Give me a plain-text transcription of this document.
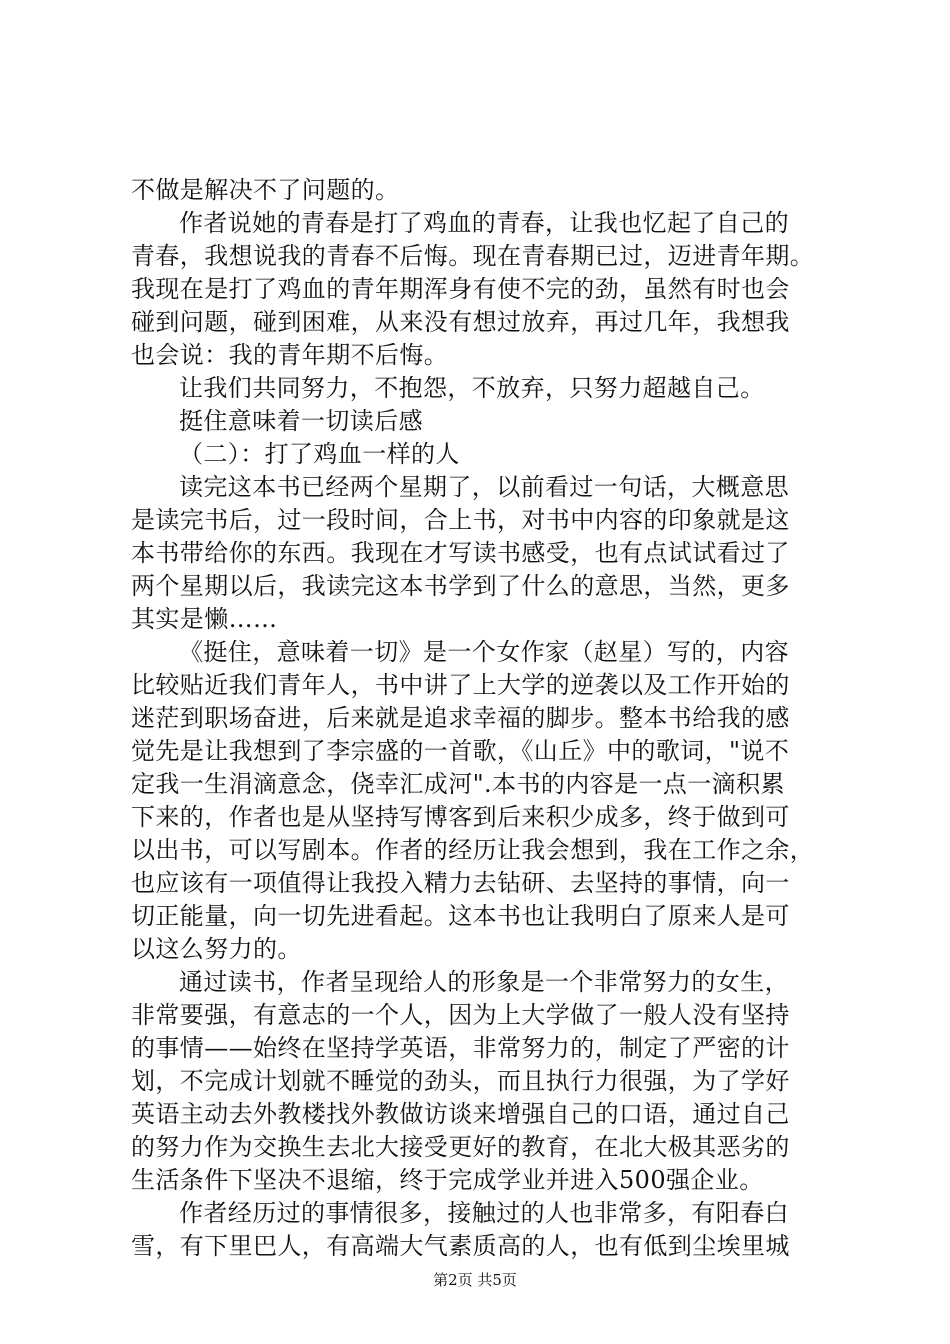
不做是解决不了问题的。
作者说她的青春是打了鸡血的青春，让我也忆起了自己的
青春，我想说我的青春不后悔。现在青春期已过，迈进青年期。
我现在是打了鸡血的青年期浑身有使不完的劲，虽然有时也会
碰到问题，碰到困难，从来没有想过放弃，再过几年，我想我
也会说：我的青年期不后悔。
让我们共同努力，不抱怨，不放弃，只努力超越自己。
挺住意味着一切读后感
（二）：打了鸡血一样的人
读完这本书已经两个星期了，以前看过一句话，大概意思
是读完书后，过一段时间，合上书，对书中内容的印象就是这
本书带给你的东西。我现在才写读书感受，也有点试试看过了
两个星期以后，我读完这本书学到了什么的意思，当然，更多
其实是懒……
《挺住，意味着一切》是一个女作家（赵星）写的，内容
比较贴近我们青年人，书中讲了上大学的逆袭以及工作开始的
迷茫到职场奋进，后来就是追求幸福的脚步。整本书给我的感
觉先是让我想到了李宗盛的一首歌，《山丘》中的歌词，"说不
定我一生涓滴意念，侥幸汇成河".本书的内容是一点一滴积累
下来的，作者也是从坚持写博客到后来积少成多，终于做到可
以出书，可以写剧本。作者的经历让我会想到，我在工作之余，
也应该有一项值得让我投入精力去钻研、去坚持的事情，向一
切正能量，向一切先进看起。这本书也让我明白了原来人是可
以这么努力的。
通过读书，作者呈现给人的形象是一个非常努力的女生，
非常要强，有意志的一个人，因为上大学做了一般人没有坚持
的事情——始终在坚持学英语，非常努力的，制定了严密的计
划，不完成计划就不睡觉的劲头，而且执行力很强，为了学好
英语主动去外教楼找外教做访谈来增强自己的口语，通过自己
的努力作为交换生去北大接受更好的教育，在北大极其恶劣的
生活条件下坚决不退缩，终于完成学业并进入500强企业。
作者经历过的事情很多，接触过的人也非常多，有阳春白
雪，有下里巴人，有高端大气素质高的人，也有低到尘埃里城
第2页 共5页
